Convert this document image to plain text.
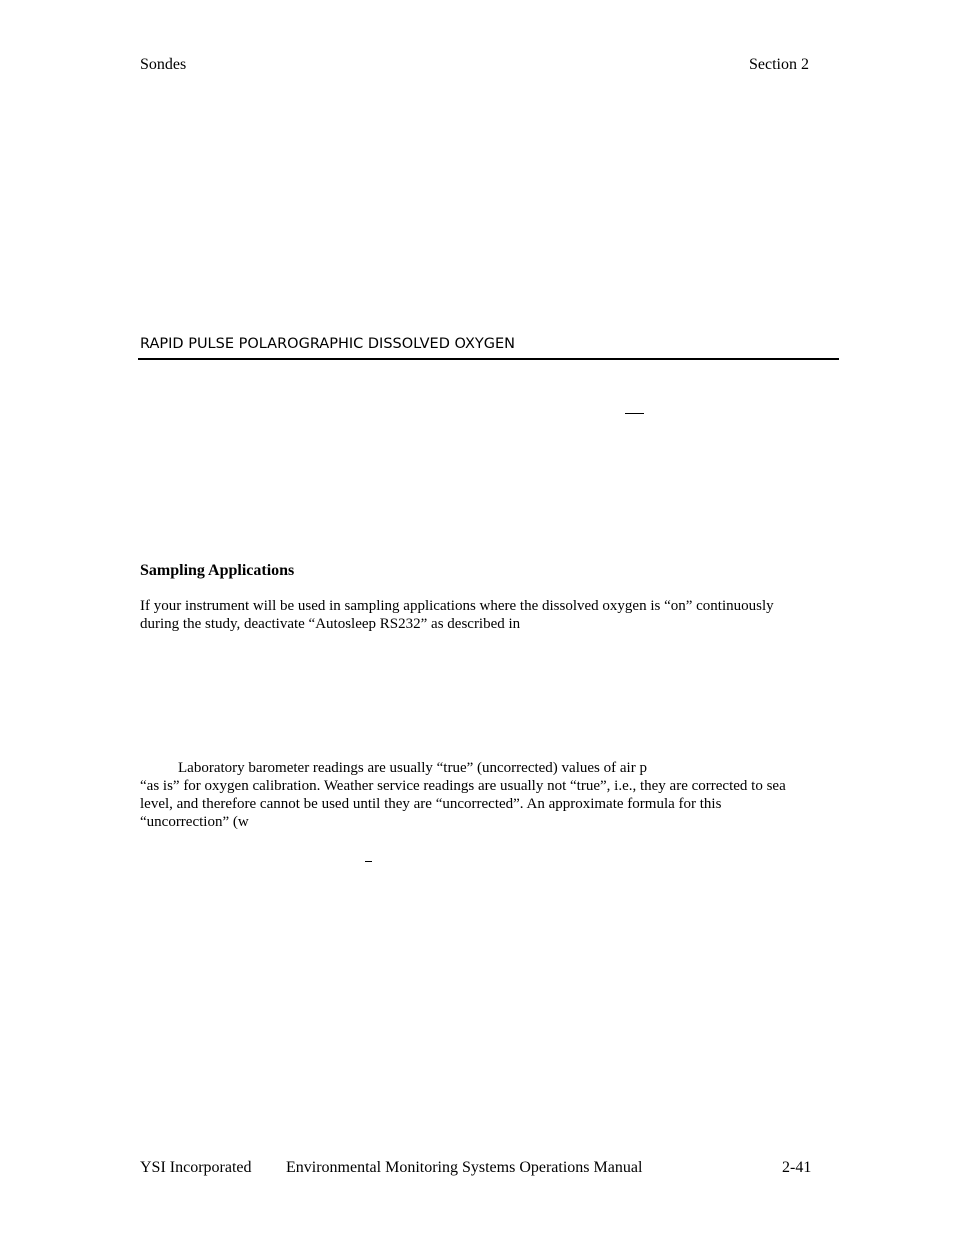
Sondes	Section 2
RAPID PULSE POLAROGRAPHIC DISSOLVED OXYGEN
Sampling Applications
If your instrument will be used in sampling applications where the dissolved oxygen is “on” continuously
during the study, deactivate “Autosleep RS232” as described in
Laboratory barometer readings are usually “true” (uncorrected) values of air p
“as is” for oxygen calibration. Weather service readings are usually not “true”, i.e., they are corrected to sea
level, and therefore cannot be used until they are “uncorrected”. An approximate formula for this
“uncorrection” (w
YSI Incorporated Environmental Monitoring Systems Operations Manual	2-41
